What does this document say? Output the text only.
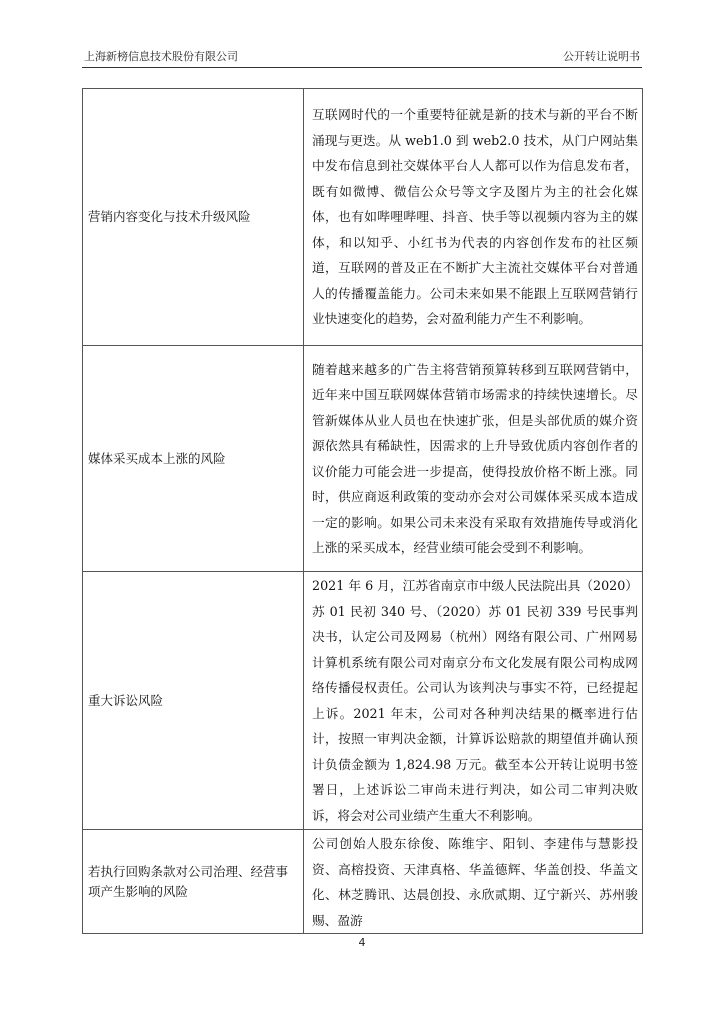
上海新榜信息技术股份有限公司	公开转让说明书
营销内容变化与技术升级风险	互联网时代的一个重要特征就是新的技术与新的平台不断涌现与更迭。从 web1.0 到 web2.0 技术，从门户网站集中发布信息到社交媒体平台人人都可以作为信息发布者，既有如微博、微信公众号等文字及图片为主的社会化媒体，也有如哔哩哔哩、抖音、快手等以视频内容为主的媒体，和以知乎、小红书为代表的内容创作发布的社区频道，互联网的普及正在不断扩大主流社交媒体平台对普通人的传播覆盖能力。公司未来如果不能跟上互联网营销行业快速变化的趋势，会对盈利能力产生不利影响。
媒体采买成本上涨的风险	随着越来越多的广告主将营销预算转移到互联网营销中，近年来中国互联网媒体营销市场需求的持续快速增长。尽管新媒体从业人员也在快速扩张，但是头部优质的媒介资源依然具有稀缺性，因需求的上升导致优质内容创作者的议价能力可能会进一步提高，使得投放价格不断上涨。同时，供应商返利政策的变动亦会对公司媒体采买成本造成一定的影响。如果公司未来没有采取有效措施传导或消化上涨的采买成本，经营业绩可能会受到不利影响。
重大诉讼风险	2021 年 6 月，江苏省南京市中级人民法院出具（2020）苏 01 民初 340 号、（2020）苏 01 民初 339 号民事判决书，认定公司及网易（杭州）网络有限公司、广州网易计算机系统有限公司对南京分布文化发展有限公司构成网络传播侵权责任。公司认为该判决与事实不符，已经提起上诉。2021 年末，公司对各种判决结果的概率进行估计，按照一审判决金额，计算诉讼赔款的期望值并确认预计负债金额为 1,824.98 万元。截至本公开转让说明书签署日，上述诉讼二审尚未进行判决，如公司二审判决败诉，将会对公司业绩产生重大不利影响。
若执行回购条款对公司治理、经营事项产生影响的风险	公司创始人股东徐俊、陈维宇、阳钊、李建伟与慧影投资、高榕投资、天津真格、华盖德辉、华盖创投、华盖文化、林芝腾讯、达晨创投、永欣贰期、辽宁新兴、苏州骏赐、盈游
4
